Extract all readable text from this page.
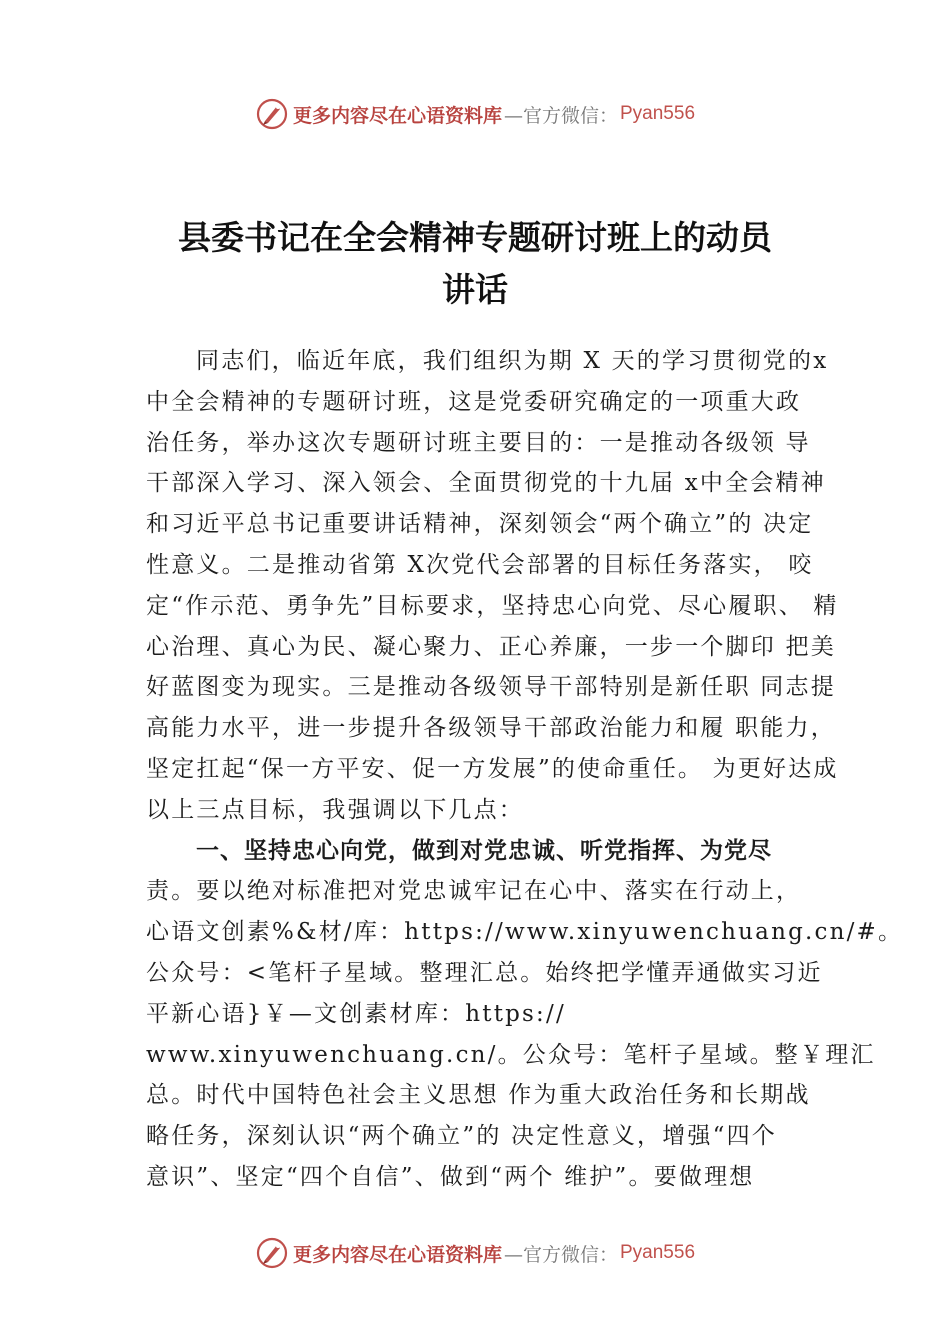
更多内容尽在心语资料库 —官方微信： Pyan556
县委书记在全会精神专题研讨班上的动员
讲话
同志们，临近年底，我们组织为期 X 天的学习贯彻党的x
中全会精神的专题研讨班，这是党委研究确定的一项重大政
治任务，举办这次专题研讨班主要目的：一是推动各级领 导
干部深入学习、深入领会、全面贯彻党的十九届 x中全会精神
和习近平总书记重要讲话精神，深刻领会“两个确立”的 决定
性意义。二是推动省第 X次党代会部署的目标任务落实， 咬
定“作示范、勇争先”目标要求，坚持忠心向党、尽心履职、 精
心治理、真心为民、凝心聚力、正心养廉，一步一个脚印 把美
好蓝图变为现实。三是推动各级领导干部特别是新任职 同志提
高能力水平，进一步提升各级领导干部政治能力和履 职能力，
坚定扛起“保一方平安、促一方发展”的使命重任。 为更好达成
以上三点目标，我强调以下几点：
一、坚持忠心向党，做到对党忠诚、听党指挥、为党尽
责。要以绝对标准把对党忠诚牢记在心中、落实在行动上，
心语文创素%&材/库：https://www.xinyuwenchuang.cn/#。
公众号：<笔杆子星域。整理汇总。始终把学懂弄通做实习近
平新心语}￥—文创素材库：https://
www.xinyuwenchuang.cn/。公众号：笔杆子星域。整￥理汇
总。时代中国特色社会主义思想 作为重大政治任务和长期战
略任务，深刻认识“两个确立”的 决定性意义，增强“四个
意识”、坚定“四个自信”、做到“两个 维护”。要做理想
更多内容尽在心语资料库 —官方微信： Pyan556
